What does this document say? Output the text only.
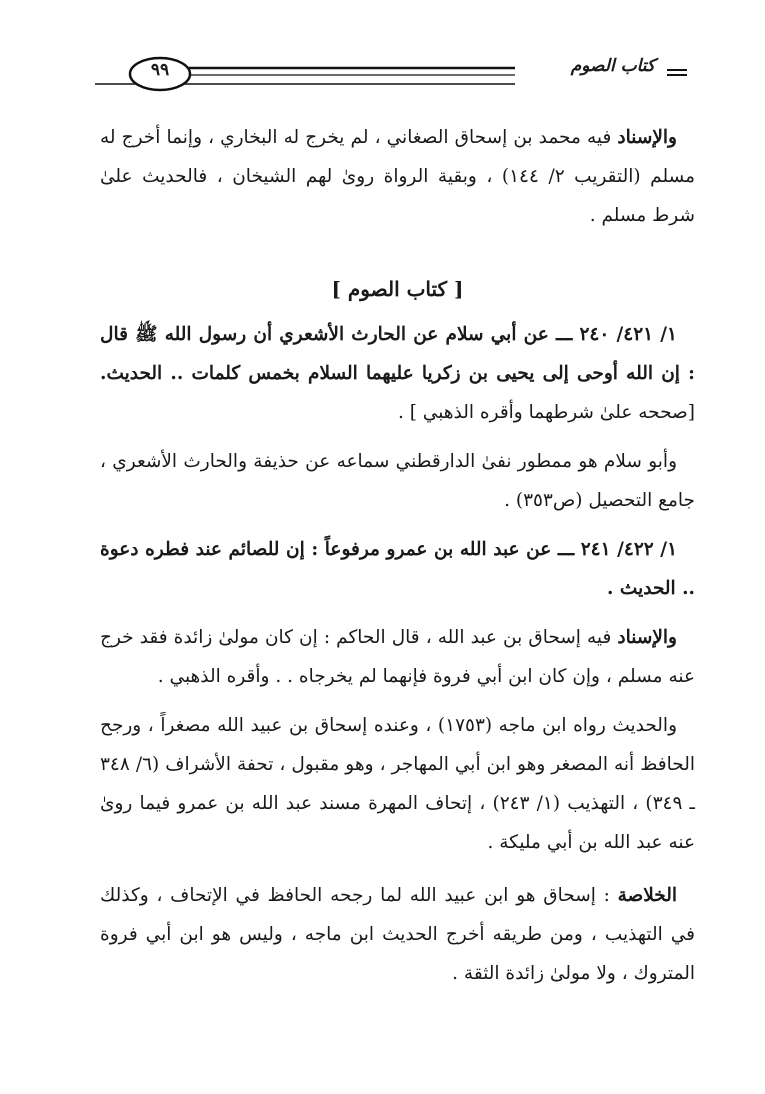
٩٩	كتاب الصوم

والإسناد فيه محمد بن إسحاق الصغاني ، لم يخرج له البخاري ، وإنما أخرج له مسلم (التقريب ٢/ ١٤٤) ، وبقية الرواة روىٰ لهم الشيخان ، فالحديث علىٰ شرط مسلم .

[ كتاب الصوم ]

١/ ٤٢١/ ٢٤٠ ـــ عن أبي سلام عن الحارث الأشعري أن رسول الله ﷺ قال : إن الله أوحى إلى يحيى بن زكريا عليهما السلام بخمس كلمات .. الحديث. [صححه علىٰ شرطهما وأقره الذهبي ] .

وأبو سلام هو ممطور نفىٰ الدارقطني سماعه عن حذيفة والحارث الأشعري ، جامع التحصيل (ص٣٥٣) .

١/ ٤٢٢/ ٢٤١ ـــ عن عبد الله بن عمرو مرفوعاً : إن للصائم عند فطره دعوة .. الحديث .

والإسناد فيه إسحاق بن عبد الله ، قال الحاكم : إن كان مولىٰ زائدة فقد خرج عنه مسلم ، وإن كان ابن أبي فروة فإنهما لم يخرجاه . . وأقره الذهبي .

والحديث رواه ابن ماجه (١٧٥٣) ، وعنده إسحاق بن عبيد الله مصغراً ، ورجح الحافظ أنه المصغر وهو ابن أبي المهاجر ، وهو مقبول ، تحفة الأشراف (٦/ ٣٤٨ ـ ٣٤٩) ، التهذيب (١/ ٢٤٣) ، إتحاف المهرة مسند عبد الله بن عمرو فيما روىٰ عنه عبد الله بن أبي مليكة .

الخلاصة : إسحاق هو ابن عبيد الله لما رجحه الحافظ في الإتحاف ، وكذلك في التهذيب ، ومن طريقه أخرج الحديث ابن ماجه ، وليس هو ابن أبي فروة المتروك ، ولا مولىٰ زائدة الثقة .
